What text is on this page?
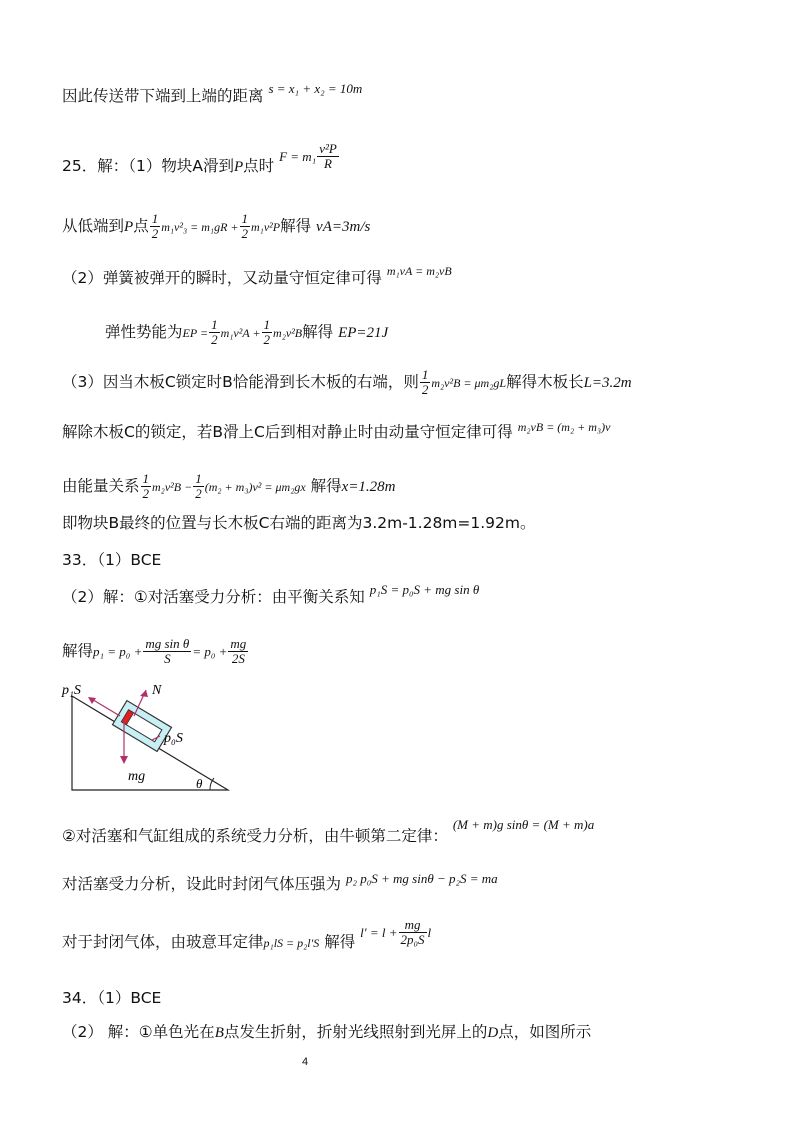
因此传送带下端到上端的距离 $^{s = x_1 + x_2 = 10m}$
25．解：（1）物块A滑到P点时 $F = m_1 \frac{\text{v²P}}{R}$
从低端到P点 $\frac{1}{2} m_1v^2_3 = m_1gR + \frac{1}{2} m_1v^2P$解得 vA=3m/s
（2）弹簧被弹开的瞬时，又动量守恒定律可得 $^{m_1vA = m_2vB}$
弹性势能为EP = $\frac{1}{2} m_1v^2A + \frac{1}{2} m_2v^2B$解得 EP=21J
（3）因当木板C锁定时B恰能滑到长木板的右端，则 $\frac{1}{2} m_2v^2B = \mu m_2gL$解得木板长L=3.2m
解除木板C的锁定，若B滑上C后到相对静止时由动量守恒定律可得 $^{m_2vB = (m_2 + m_3)v}$
由能量关系 $\frac{1}{2} m_2v^2B - \frac{1}{2} (m_2 + m_3)v^2 = \mu m_2gx$ 解得x=1.28m
即物块B最终的位置与长木板C右端的距离为3.2m-1.28m=1.92m。
33．（1）BCE
（2）解：①对活塞受力分析：由平衡关系知 $^{p_1S = p_0S + mg sin \theta}$
解得$p_1 = p_0 + \frac{\text{mg sin θ}}{S} = p_0 + \frac{mg}{2S}$
p₁S	N
p₀S
mg	θ
②对活塞和气缸组成的系统受力分析，由牛顿第二定律： $^{(M + m)g sin\theta = (M + m)a}$
对活塞受力分析，设此时封闭气体压强为 $^{p_2 p_0S + mg sin\theta - p_2S = ma}$
对于封闭气体，由玻意耳定律p₁lS = p₂l′S 解得 $l' = l + \frac{mg}{\text{2p₀S}}$ l
34．（1）BCE
（2） 解：①单色光在B点发生折射，折射光线照射到光屏上的D点，如图所示
4
